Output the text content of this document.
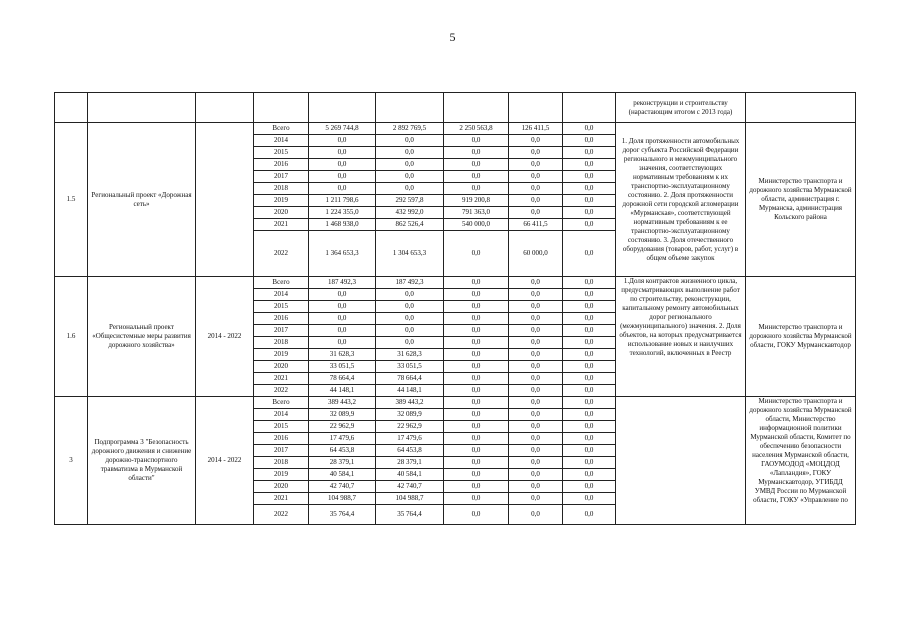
5
									реконструкции и строительству (нарастающим итогом с 2013 года)	
1.5	Региональный проект «Дорожная сеть»		Всего	5 269 744,8	2 892 769,5	2 250 563,8	126 411,5	0,0	1. Доля протяженности автомобильных дорог субъекта Российской Федерации регионального и межмуниципального значения, соответствующих нормативным требованиям к их транспортно-эксплуатационному состоянию. 2. Доля протяженности дорожной сети городской агломерации «Мурманская», соответствующей нормативным требованиям к ее транспортно-эксплуатационному состоянию. 3. Доля отечественного оборудования (товаров, работ, услуг) в общем объеме закупок	Министерство транспорта и дорожного хозяйства Мурманской области, администрация г. Мурманска, администрация Кольского района
			2014	0,0	0,0	0,0	0,0	0,0		
			2015	0,0	0,0	0,0	0,0	0,0		
			2016	0,0	0,0	0,0	0,0	0,0		
			2017	0,0	0,0	0,0	0,0	0,0		
			2018	0,0	0,0	0,0	0,0	0,0		
			2019	1 211 798,6	292 597,8	919 200,8	0,0	0,0		
			2020	1 224 355,0	432 992,0	791 363,0	0,0	0,0		
			2021	1 468 938,0	862 526,4	540 000,0	66 411,5	0,0		
			2022	1 364 653,3	1 304 653,3	0,0	60 000,0	0,0		
1.6	Региональный проект «Общесистемные меры развития дорожного хозяйства»	2014 - 2022	Всего	187 492,3	187 492,3	0,0	0,0	0,0	1.Доля контрактов жизненного цикла, предусматривающих выполнение работ по строительству, реконструкции, капитальному ремонту автомобильных дорог регионального (межмуниципального) значения. 2. Доля объектов, на которых предусматривается использование новых и наилучших технологий, включенных в Реестр	Министерство транспорта и дорожного хозяйства Мурманской области, ГОКУ Мурманскавтодор
			2014	0,0	0,0	0,0	0,0	0,0		
			2015	0,0	0,0	0,0	0,0	0,0		
			2016	0,0	0,0	0,0	0,0	0,0		
			2017	0,0	0,0	0,0	0,0	0,0		
			2018	0,0	0,0	0,0	0,0	0,0		
			2019	31 628,3	31 628,3	0,0	0,0	0,0		
			2020	33 051,5	33 051,5	0,0	0,0	0,0		
			2021	78 664,4	78 664,4	0,0	0,0	0,0		
			2022	44 148,1	44 148,1	0,0	0,0	0,0		
3	Подпрограмма 3 "Безопасность дорожного движения и снижение дорожно-транспортного травматизма в Мурманской области"	2014 - 2022	Всего	389 443,2	389 443,2	0,0	0,0	0,0		Министерство транспорта и дорожного хозяйства Мурманской области, Министерство информационной политики Мурманской области, Комитет по обеспечению безопасности населения Мурманской области, ГАОУМОДОД «МОЦДОД «Лапландия», ГОКУ Мурманскавтодор, УГИБДД УМВД России по Мурманской области, ГОКУ «Управление по
			2014	32 089,9	32 089,9	0,0	0,0	0,0		
			2015	22 962,9	22 962,9	0,0	0,0	0,0		
			2016	17 479,6	17 479,6	0,0	0,0	0,0		
			2017	64 453,8	64 453,8	0,0	0,0	0,0		
			2018	28 379,1	28 379,1	0,0	0,0	0,0		
			2019	40 584,1	40 584,1	0,0	0,0	0,0		
			2020	42 740,7	42 740,7	0,0	0,0	0,0		
			2021	104 988,7	104 988,7	0,0	0,0	0,0		
			2022	35 764,4	35 764,4	0,0	0,0	0,0		
